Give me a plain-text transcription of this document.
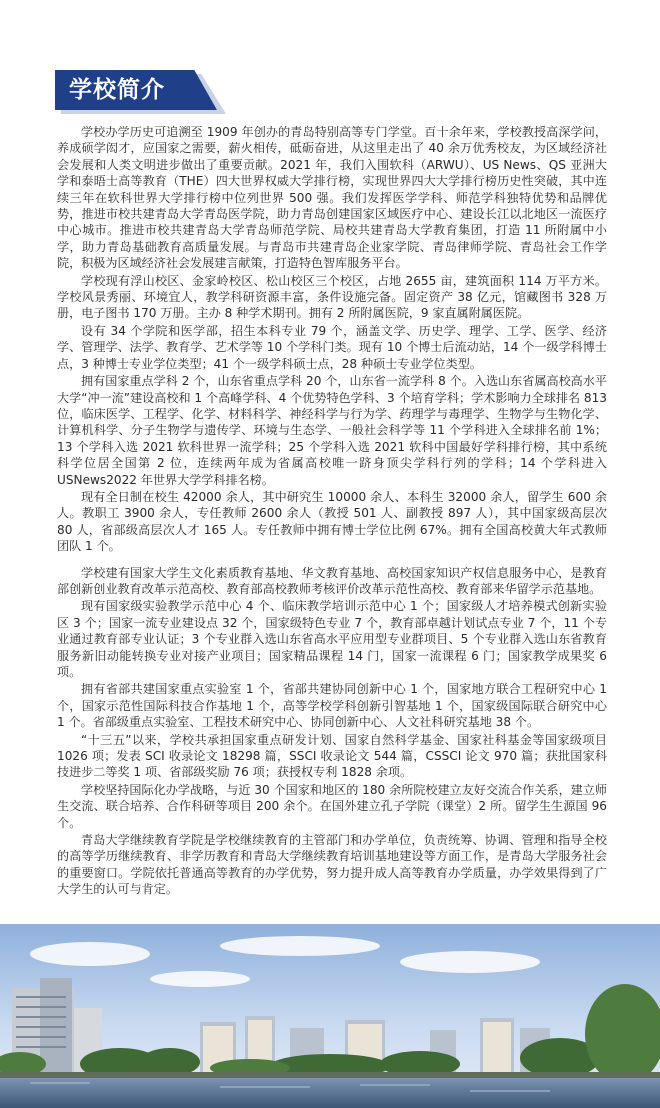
学校简介

学校办学历史可追溯至 1909 年创办的青岛特别高等专门学堂。百十余年来，学校教授高深学问，养成硕学闳才，应国家之需要，薪火相传，砥砺奋进，从这里走出了 40 余万优秀校友，为区域经济社会发展和人类文明进步做出了重要贡献。2021 年，我们入围软科（ARWU）、US News、QS 亚洲大学和泰晤士高等教育（THE）四大世界权威大学排行榜，实现世界四大大学排行榜历史性突破，其中连续三年在软科世界大学排行榜中位列世界 500 强。我们发挥医学学科、师范学科独特优势和品牌优势，推进市校共建青岛大学青岛医学院，助力青岛创建国家区域医疗中心、建设长江以北地区一流医疗中心城市。推进市校共建青岛大学青岛师范学院、局校共建青岛大学教育集团，打造 11 所附属中小学，助力青岛基础教育高质量发展。与青岛市共建青岛企业家学院、青岛律师学院、青岛社会工作学院，积极为区域经济社会发展建言献策，打造特色智库服务平台。

学校现有浮山校区、金家岭校区、松山校区三个校区，占地 2655 亩，建筑面积 114 万平方米。学校风景秀丽、环境宜人，教学科研资源丰富，条件设施完备。固定资产 38 亿元，馆藏图书 328 万册，电子图书 170 万册。主办 8 种学术期刊。拥有 2 所附属医院，9 家直属附属医院。

设有 34 个学院和医学部，招生本科专业 79 个，涵盖文学、历史学、理学、工学、医学、经济学、管理学、法学、教育学、艺术学等 10 个学科门类。现有 10 个博士后流动站，14 个一级学科博士点，3 种博士专业学位类型；41 个一级学科硕士点，28 种硕士专业学位类型。

拥有国家重点学科 2 个，山东省重点学科 20 个，山东省一流学科 8 个。入选山东省属高校高水平大学“冲一流”建设高校和 1 个高峰学科、4 个优势特色学科、3 个培育学科；学术影响力全球排名 813 位，临床医学、工程学、化学、材料科学、神经科学与行为学、药理学与毒理学、生物学与生物化学、计算机科学、分子生物学与遗传学、环境与生态学、一般社会科学等 11 个学科进入全球排名前 1%；13 个学科入选 2021 软科世界一流学科；25 个学科入选 2021 软科中国最好学科排行榜，其中系统科学位居全国第 2 位，连续两年成为省属高校唯一跻身顶尖学科行列的学科；14 个学科进入 USNews2022 年世界大学学科排名榜。

现有全日制在校生 42000 余人，其中研究生 10000 余人、本科生 32000 余人，留学生 600 余人。教职工 3900 余人，专任教师 2600 余人（教授 501 人、副教授 897 人），其中国家级高层次 80 人，省部级高层次人才 165 人。专任教师中拥有博士学位比例 67%。拥有全国高校黄大年式教师团队 1 个。

学校建有国家大学生文化素质教育基地、华文教育基地、高校国家知识产权信息服务中心，是教育部创新创业教育改革示范高校、教育部高校教师考核评价改革示范性高校、教育部来华留学示范基地。

现有国家级实验教学示范中心 4 个、临床教学培训示范中心 1 个；国家级人才培养模式创新实验区 3 个；国家一流专业建设点 32 个，国家级特色专业 7 个，教育部卓越计划试点专业 7 个，11 个专业通过教育部专业认证；3 个专业群入选山东省高水平应用型专业群项目、5 个专业群入选山东省教育服务新旧动能转换专业对接产业项目；国家精品课程 14 门，国家一流课程 6 门；国家教学成果奖 6 项。

拥有省部共建国家重点实验室 1 个，省部共建协同创新中心 1 个，国家地方联合工程研究中心 1 个，国家示范性国际科技合作基地 1 个，高等学校学科创新引智基地 1 个，国家级国际联合研究中心 1 个。省部级重点实验室、工程技术研究中心、协同创新中心、人文社科研究基地 38 个。

“十三五”以来，学校共承担国家重点研发计划、国家自然科学基金、国家社科基金等国家级项目 1026 项；发表 SCI 收录论文 18298 篇，SSCI 收录论文 544 篇，CSSCI 论文 970 篇；获批国家科技进步二等奖 1 项、省部级奖励 76 项；获授权专利 1828 余项。

学校坚持国际化办学战略，与近 30 个国家和地区的 180 余所院校建立友好交流合作关系，建立师生交流、联合培养、合作科研等项目 200 余个。在国外建立孔子学院（课堂）2 所。留学生生源国 96 个。

青岛大学继续教育学院是学校继续教育的主管部门和办学单位，负责统筹、协调、管理和指导全校的高等学历继续教育、非学历教育和青岛大学继续教育培训基地建设等方面工作，是青岛大学服务社会的重要窗口。学院依托普通高等教育的办学优势，努力提升成人高等教育办学质量，办学效果得到了广大学生的认可与肯定。
